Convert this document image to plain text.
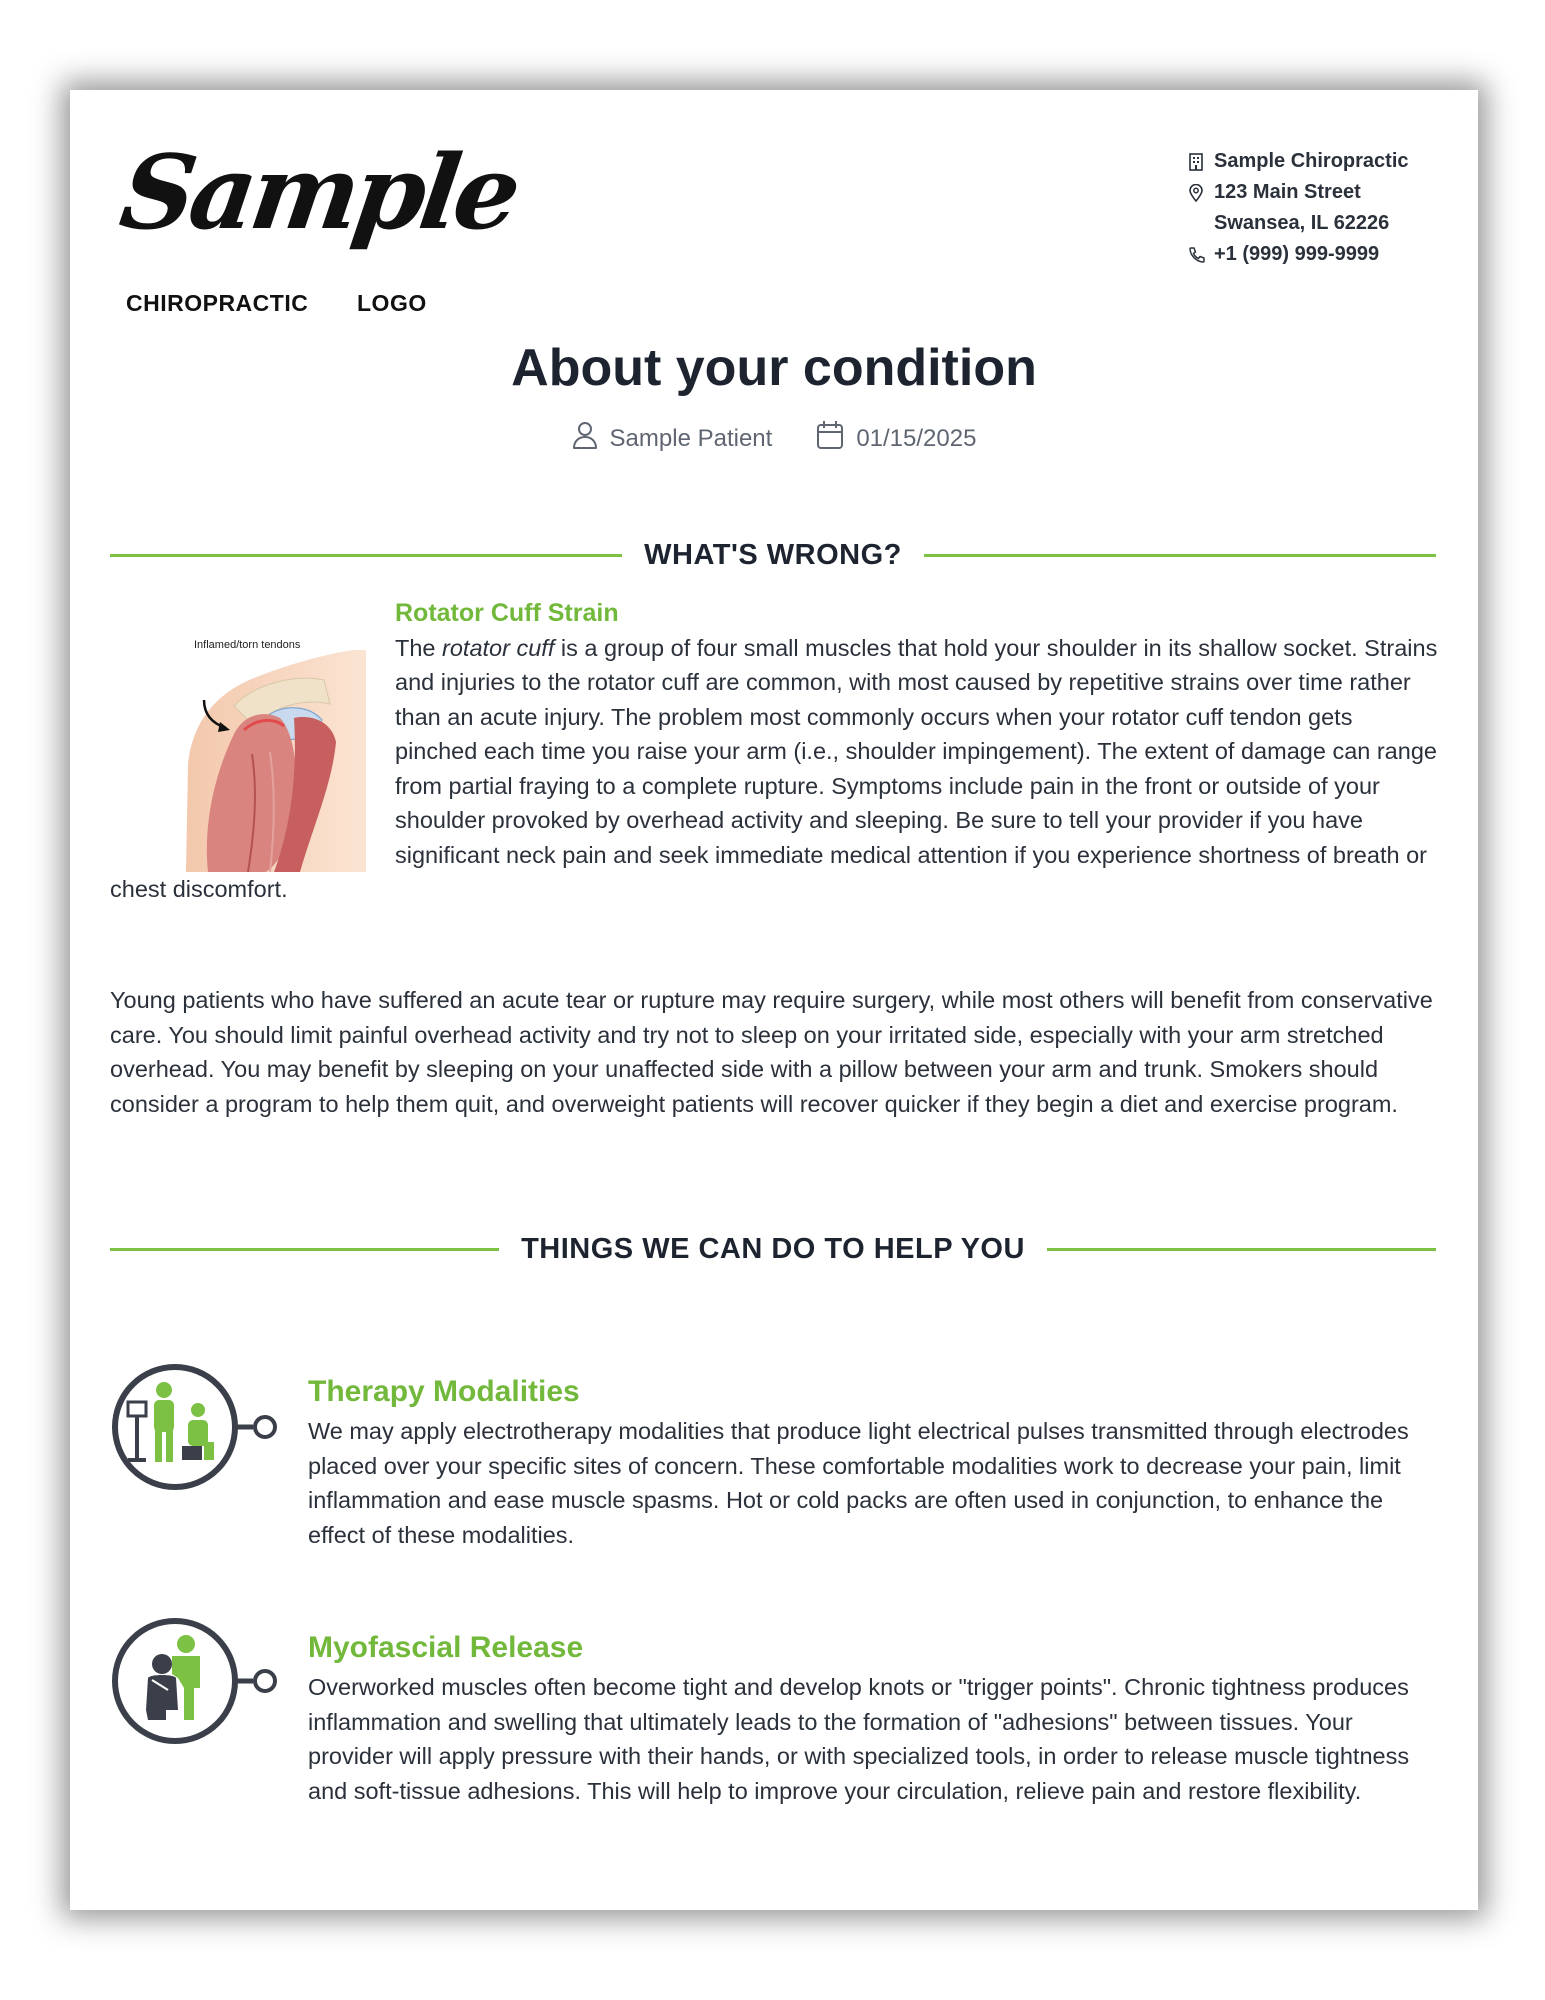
Sample
CHIROPRACTIC LOGO
Sample Chiropractic
123 Main Street
Swansea, IL 62226
+1 (999) 999-9999
About your condition
Sample Patient	01/15/2025
WHAT'S WRONG?
Inflamed/torn tendons
Rotator Cuff Strain
The rotator cuff is a group of four small muscles that hold your shoulder in its shallow socket. Strains and injuries to the rotator cuff are common, with most caused by repetitive strains over time rather than an acute injury. The problem most commonly occurs when your rotator cuff tendon gets pinched each time you raise your arm (i.e., shoulder impingement). The extent of damage can range from partial fraying to a complete rupture. Symptoms include pain in the front or outside of your shoulder provoked by overhead activity and sleeping. Be sure to tell your provider if you have significant neck pain and seek immediate medical attention if you experience shortness of breath or chest discomfort.
Young patients who have suffered an acute tear or rupture may require surgery, while most others will benefit from conservative care. You should limit painful overhead activity and try not to sleep on your irritated side, especially with your arm stretched overhead. You may benefit by sleeping on your unaffected side with a pillow between your arm and trunk. Smokers should consider a program to help them quit, and overweight patients will recover quicker if they begin a diet and exercise program.
THINGS WE CAN DO TO HELP YOU
Therapy Modalities
We may apply electrotherapy modalities that produce light electrical pulses transmitted through electrodes placed over your specific sites of concern. These comfortable modalities work to decrease your pain, limit inflammation and ease muscle spasms. Hot or cold packs are often used in conjunction, to enhance the effect of these modalities.
Myofascial Release
Overworked muscles often become tight and develop knots or "trigger points". Chronic tightness produces inflammation and swelling that ultimately leads to the formation of "adhesions" between tissues. Your provider will apply pressure with their hands, or with specialized tools, in order to release muscle tightness and soft-tissue adhesions. This will help to improve your circulation, relieve pain and restore flexibility.
